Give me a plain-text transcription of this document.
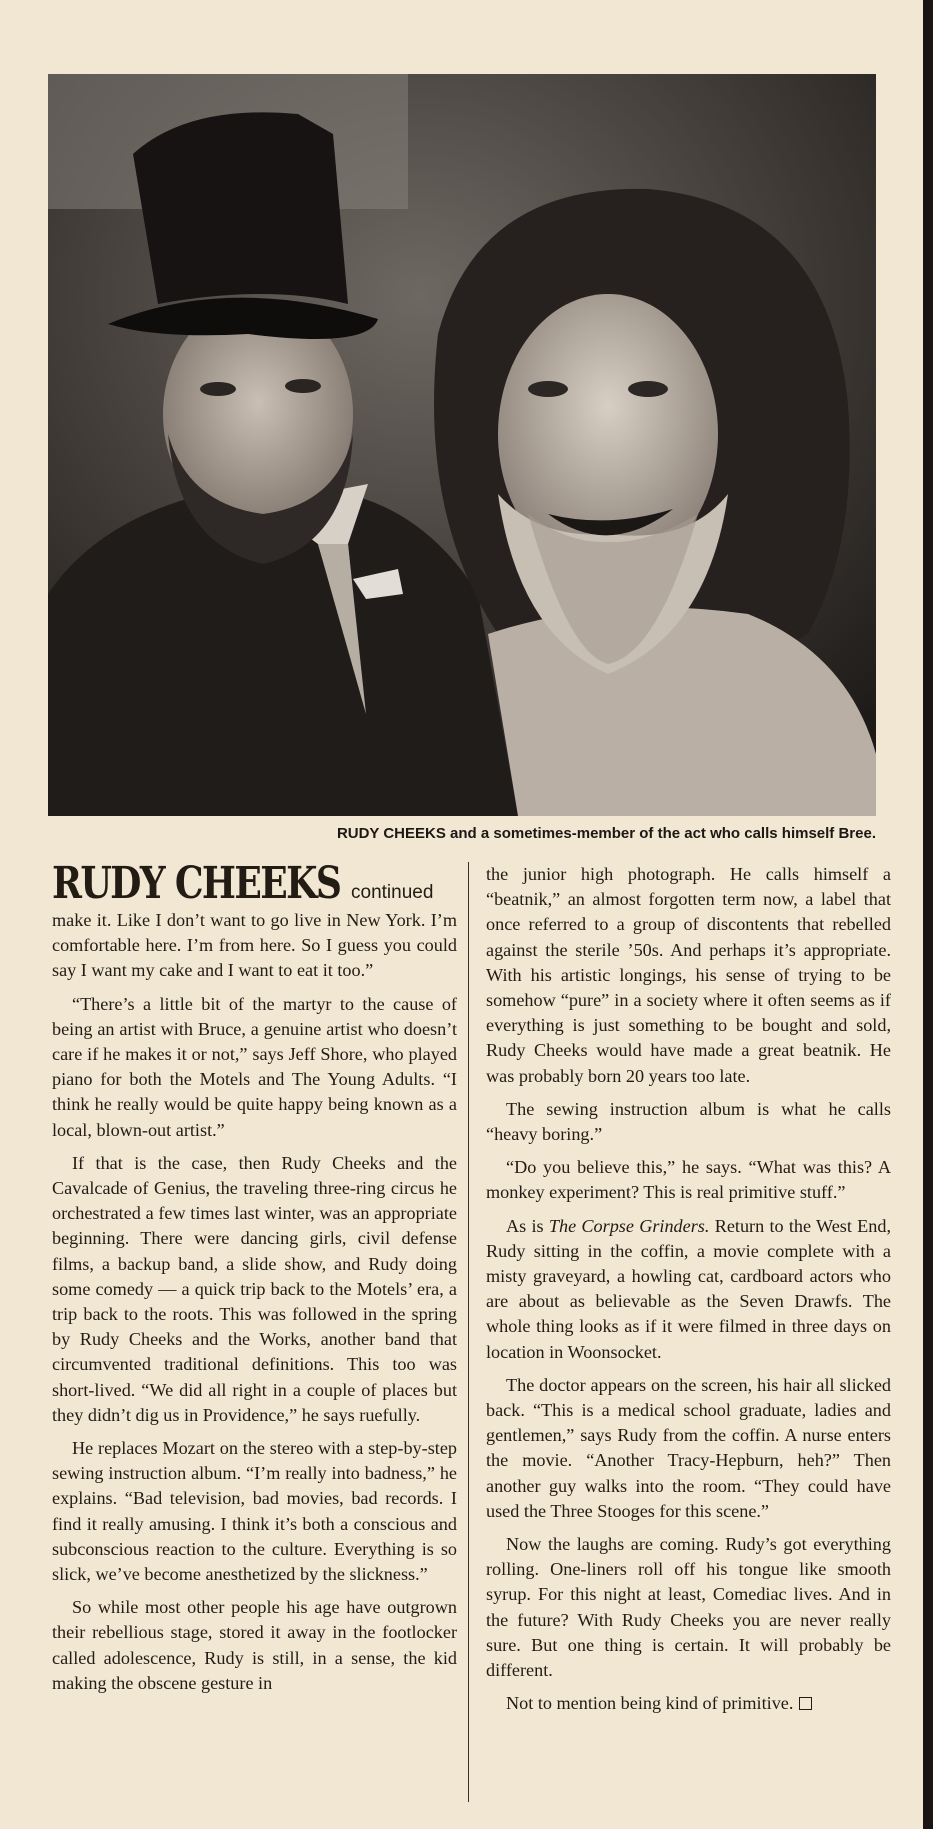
RUDY CHEEKS and a sometimes-member of the act who calls himself Bree.
RUDY CHEEKS continued

make it. Like I don’t want to go live in New York. I’m comfortable here. I’m from here. So I guess you could say I want my cake and I want to eat it too.”

“There’s a little bit of the martyr to the cause of being an artist with Bruce, a genuine artist who doesn’t care if he makes it or not,” says Jeff Shore, who played piano for both the Motels and The Young Adults. “I think he really would be quite happy being known as a local, blown-out artist.”

If that is the case, then Rudy Cheeks and the Cavalcade of Genius, the traveling three-ring circus he orchestrated a few times last winter, was an appropriate beginning. There were dancing girls, civil defense films, a backup band, a slide show, and Rudy doing some comedy — a quick trip back to the Motels’ era, a trip back to the roots. This was followed in the spring by Rudy Cheeks and the Works, another band that circumvented traditional definitions. This too was short-lived. “We did all right in a couple of places but they didn’t dig us in Providence,” he says ruefully.

He replaces Mozart on the stereo with a step-by-step sewing instruction album. “I’m really into badness,” he explains. “Bad television, bad movies, bad records. I find it really amusing. I think it’s both a conscious and subconscious reaction to the culture. Everything is so slick, we’ve become anesthetized by the slickness.”

So while most other people his age have outgrown their rebellious stage, stored it away in the footlocker called adolescence, Rudy is still, in a sense, the kid making the obscene gesture in

the junior high photograph. He calls himself a “beatnik,” an almost forgotten term now, a label that once referred to a group of discontents that rebelled against the sterile ’50s. And perhaps it’s appropriate. With his artistic longings, his sense of trying to be somehow “pure” in a society where it often seems as if everything is just something to be bought and sold, Rudy Cheeks would have made a great beatnik. He was probably born 20 years too late.

The sewing instruction album is what he calls “heavy boring.”

“Do you believe this,” he says. “What was this? A monkey experiment? This is real primitive stuff.”

As is The Corpse Grinders. Return to the West End, Rudy sitting in the coffin, a movie complete with a misty graveyard, a howling cat, cardboard actors who are about as believable as the Seven Drawfs. The whole thing looks as if it were filmed in three days on location in Woonsocket.

The doctor appears on the screen, his hair all slicked back. “This is a medical school graduate, ladies and gentlemen,” says Rudy from the coffin. A nurse enters the movie. “Another Tracy-Hepburn, heh?” Then another guy walks into the room. “They could have used the Three Stooges for this scene.”

Now the laughs are coming. Rudy’s got everything rolling. One-liners roll off his tongue like smooth syrup. For this night at least, Comediac lives. And in the future? With Rudy Cheeks you are never really sure. But one thing is certain. It will probably be different.

Not to mention being kind of primitive.
